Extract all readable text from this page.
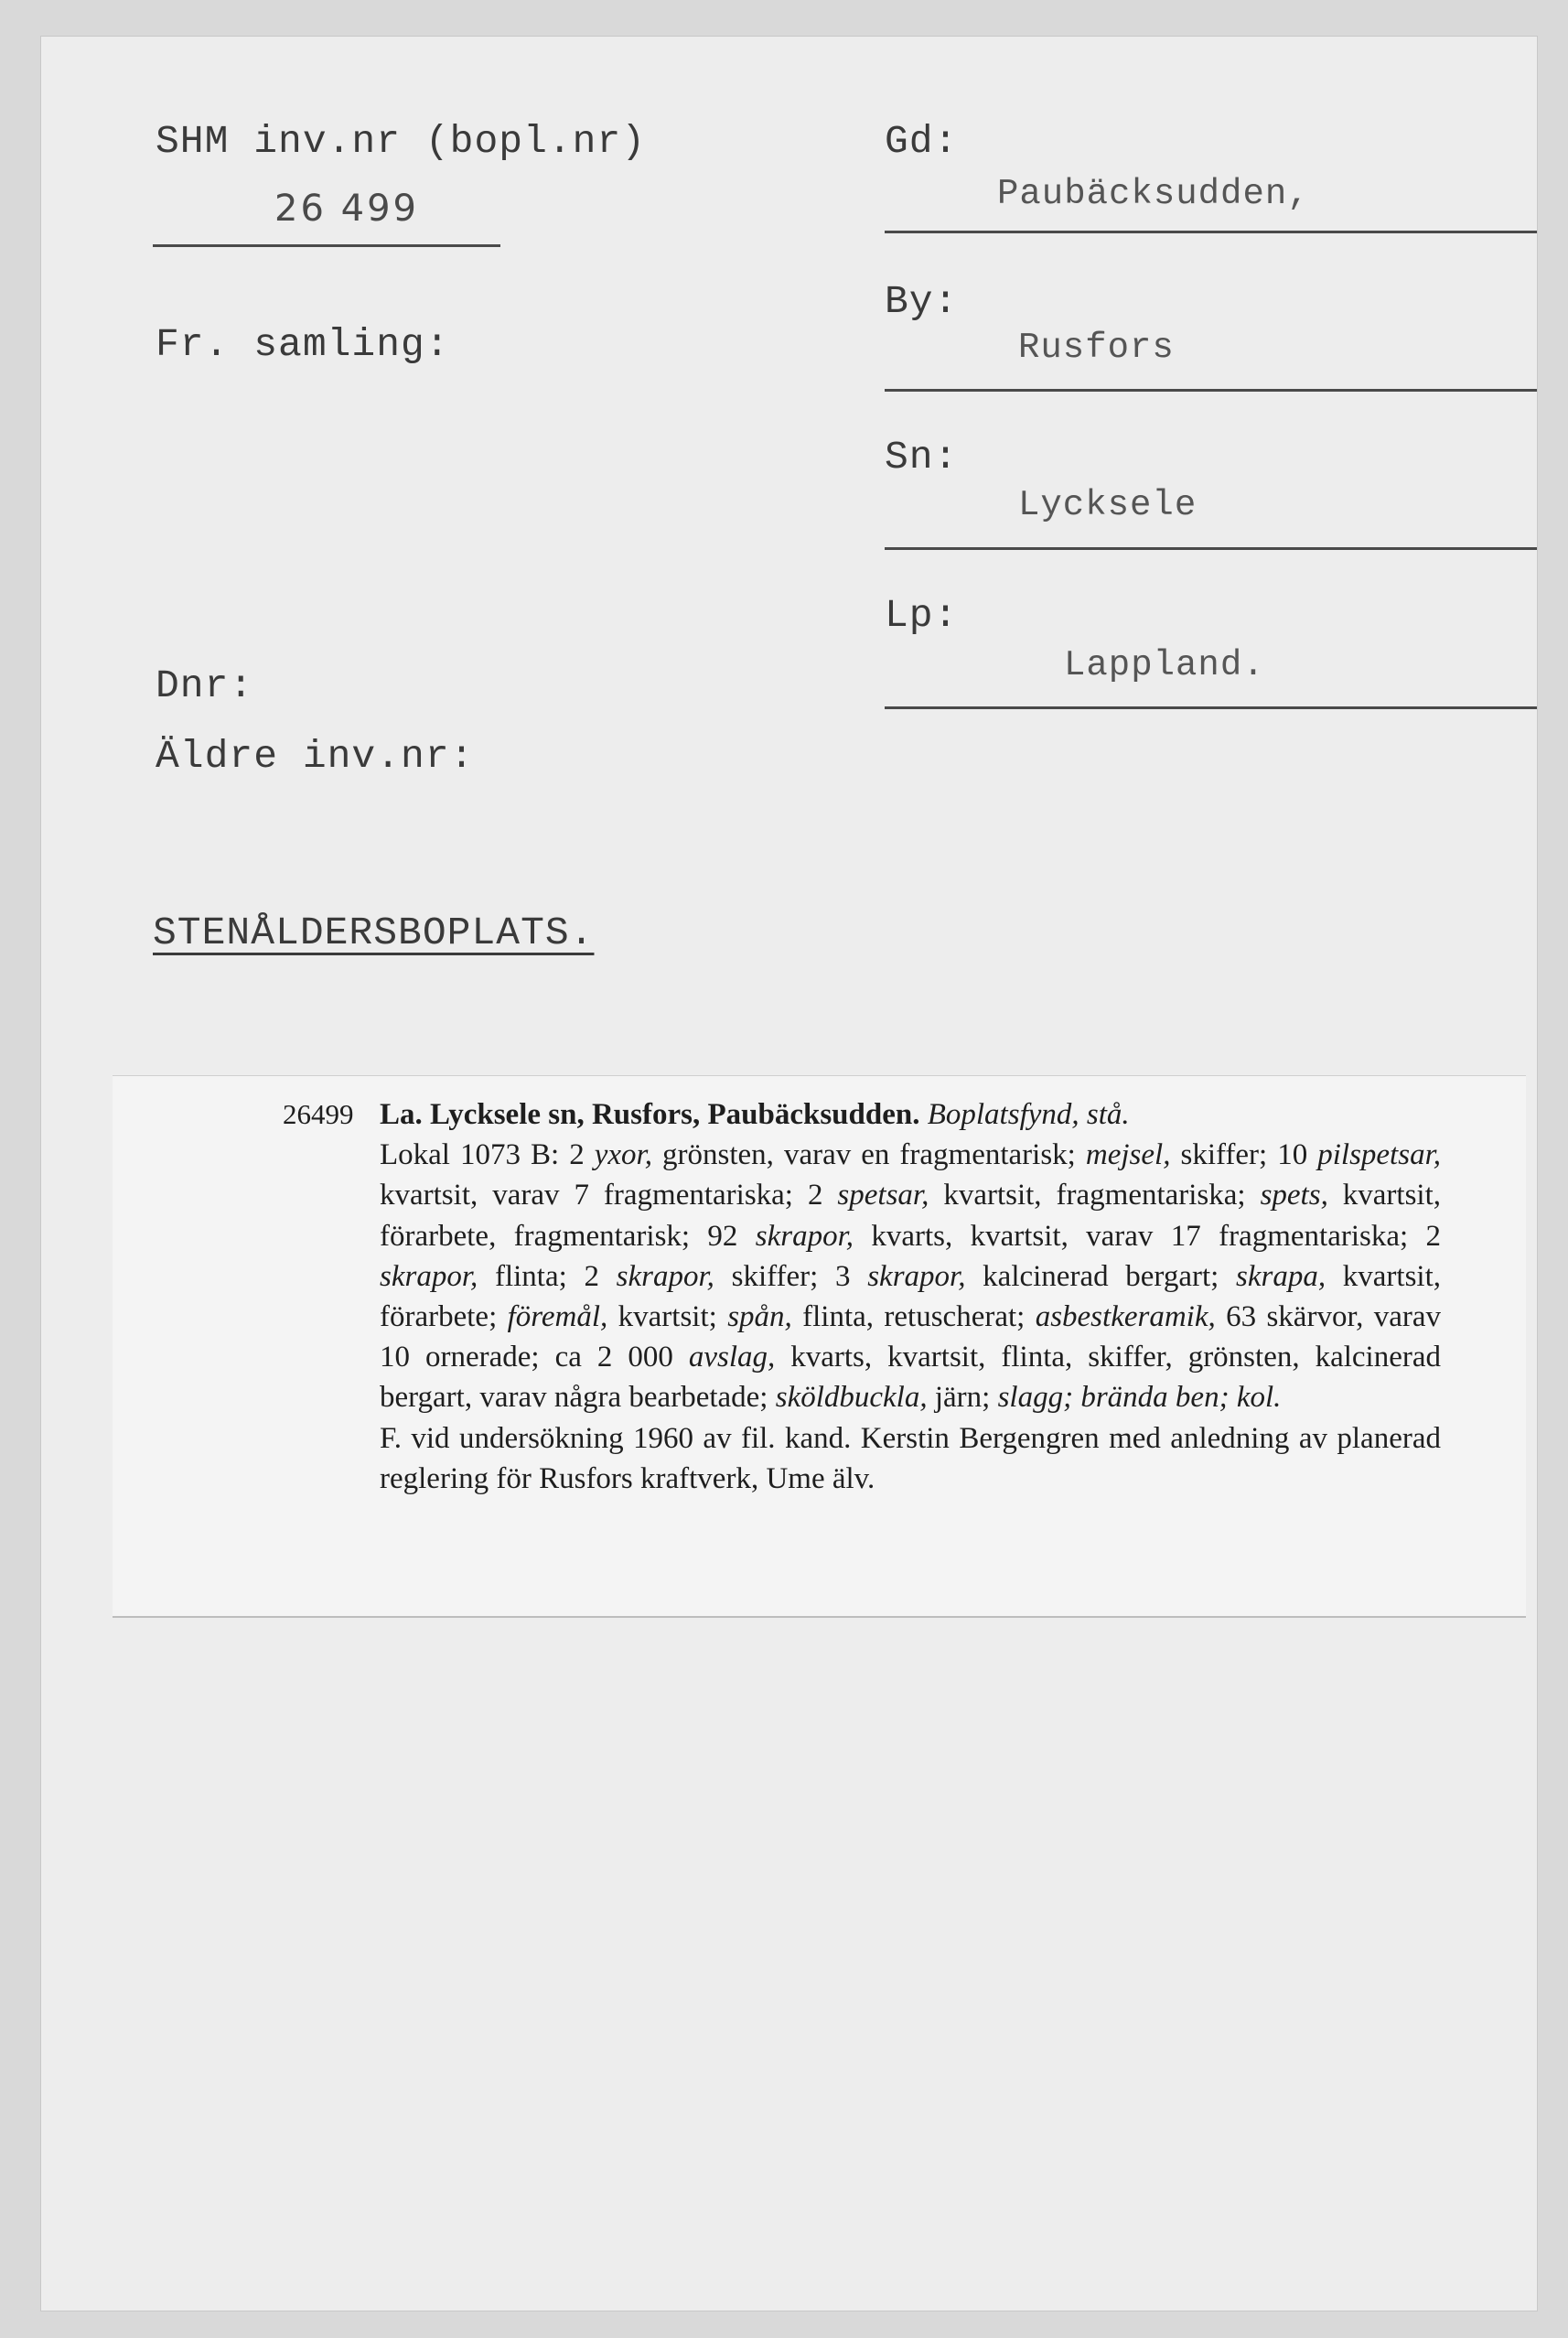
SHM inv.nr (bopl.nr)
26 499
Fr. samling:
Dnr:
Äldre inv.nr:
STENÅLDERSBOPLATS.
Gd:
Paubäcksudden,
By:
Rusfors
Sn:
Lycksele
Lp:
Lappland.
26499 La. Lycksele sn, Rusfors, Paubäcksudden. Boplatsfynd, stå.

Lokal 1073 B: 2 yxor, grönsten, varav en fragmentarisk; mejsel, skiffer; 10 pilspetsar, kvartsit, varav 7 fragmentariska; 2 spetsar, kvartsit, fragmentariska; spets, kvartsit, förarbete, fragmentarisk; 92 skrapor, kvarts, kvartsit, varav 17 fragmentariska; 2 skrapor, flinta; 2 skrapor, skiffer; 3 skrapor, kalcinerad bergart; skrapa, kvartsit, förarbete; föremål, kvartsit; spån, flinta, retuscherat; asbestkeramik, 63 skärvor, varav 10 ornerade; ca 2 000 avslag, kvarts, kvartsit, flinta, skiffer, grönsten, kalcinerad bergart, varav några bearbetade; sköldbuckla, järn; slagg; brända ben; kol.

F. vid undersökning 1960 av fil. kand. Kerstin Bergengren med anledning av planerad reglering för Rusfors kraftverk, Ume älv.
